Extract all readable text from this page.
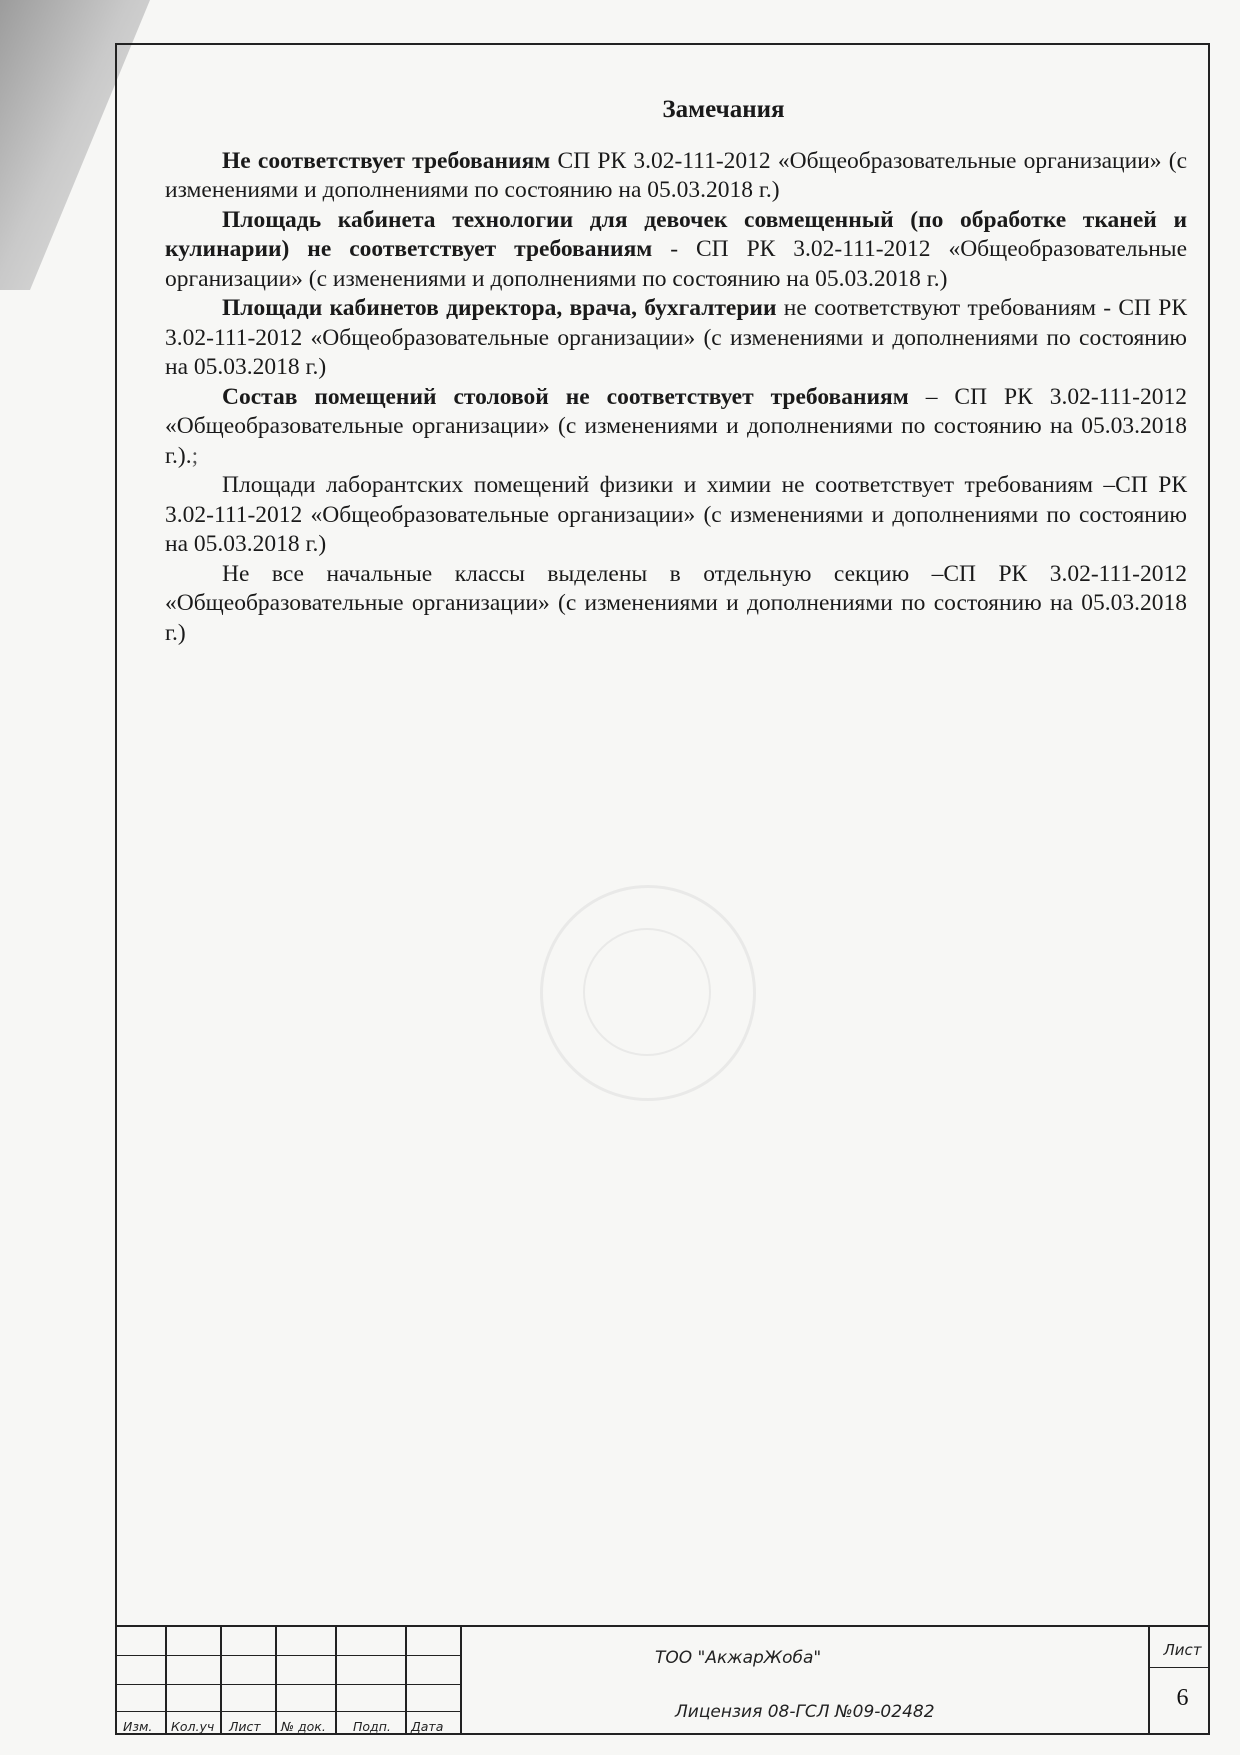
Замечания

Не соответствует требованиям СП РК 3.02-111-2012 «Общеобразовательные организации» (с изменениями и дополнениями по состоянию на 05.03.2018 г.)

Площадь кабинета технологии для девочек совмещенный (по обработке тканей и кулинарии) не соответствует требованиям - СП РК 3.02-111-2012 «Общеобразовательные организации» (с изменениями и дополнениями по состоянию на 05.03.2018 г.)

Площади кабинетов директора, врача, бухгалтерии не соответствуют требованиям - СП РК 3.02-111-2012 «Общеобразовательные организации» (с изменениями и дополнениями по состоянию на 05.03.2018 г.)

Состав помещений столовой не соответствует требованиям – СП РК 3.02-111-2012 «Общеобразовательные организации» (с изменениями и дополнениями по состоянию на 05.03.2018 г.).;

Площади лаборантских помещений физики и химии не соответствует требованиям –СП РК 3.02-111-2012 «Общеобразовательные организации» (с изменениями и дополнениями по состоянию на 05.03.2018 г.)

Не все начальные классы выделены в отдельную секцию –СП РК 3.02-111-2012 «Общеобразовательные организации» (с изменениями и дополнениями по состоянию на 05.03.2018 г.)

Изм. Кол.уч Лист № док. Подп. Дата
ТОО "АкжарЖоба"
Лицензия 08-ГСЛ №09-02482
Лист
6
